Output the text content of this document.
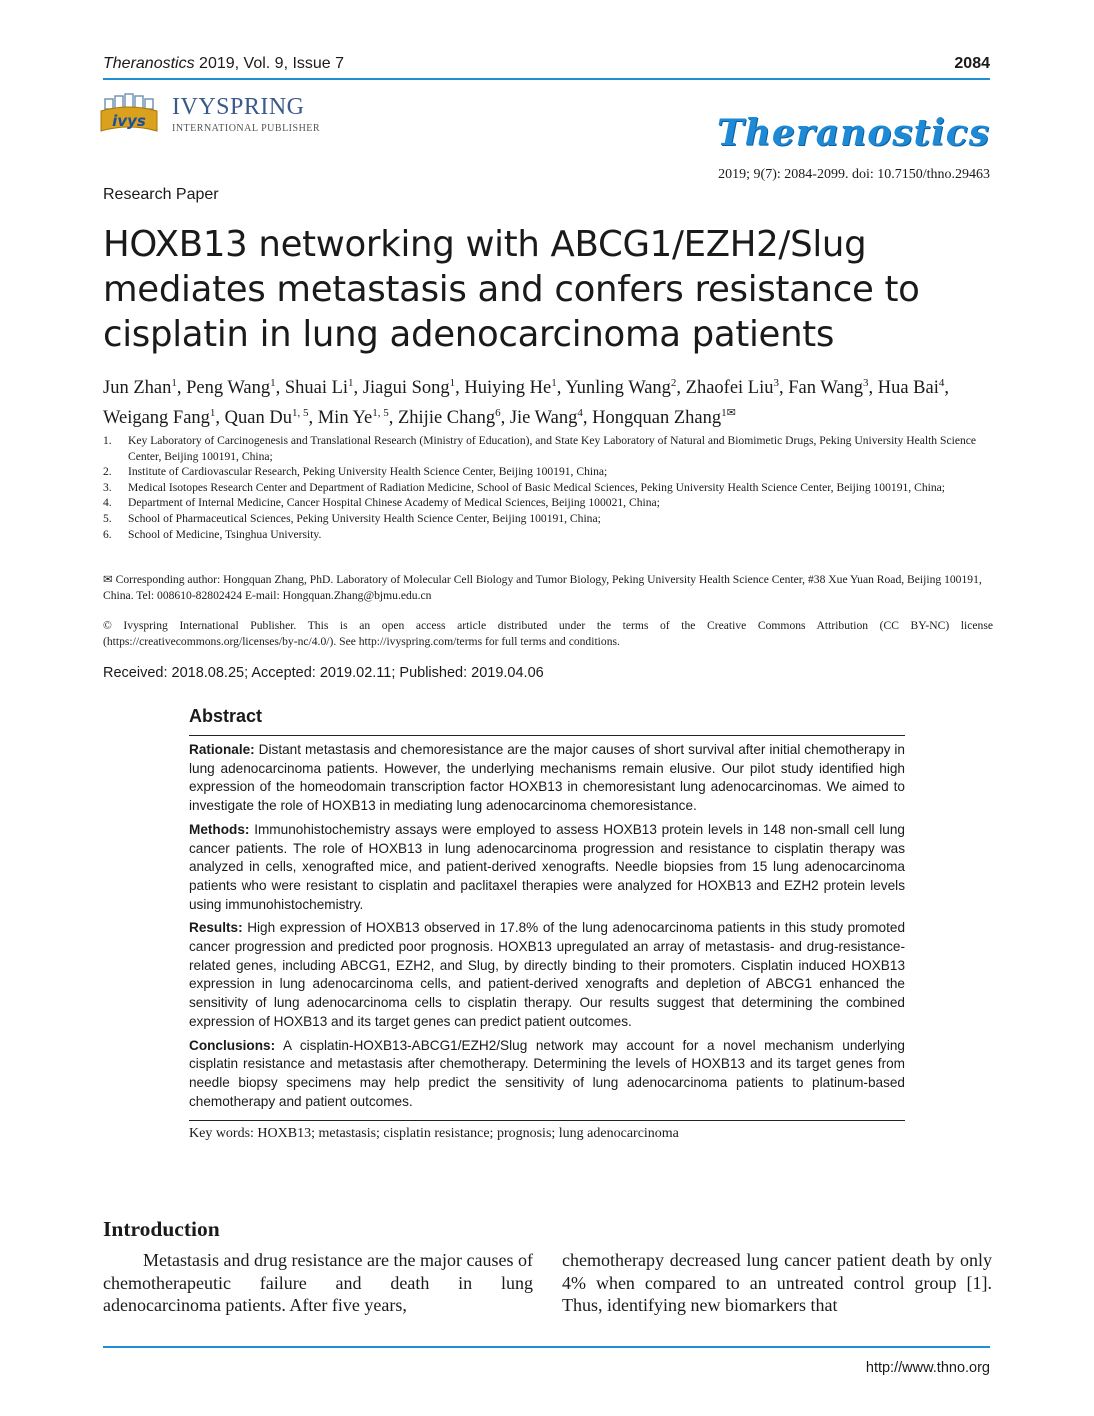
Theranostics 2019, Vol. 9, Issue 7	2084
ivys
IVYSPRING
INTERNATIONAL PUBLISHER	Theranostics
2019; 9(7): 2084-2099. doi: 10.7150/thno.29463
Research Paper
HOXB13 networking with ABCG1/EZH2/Slug mediates metastasis and confers resistance to cisplatin in lung adenocarcinoma patients
Jun Zhan$^1$, Peng Wang$^1$, Shuai Li$^1$, Jiagui Song$^1$, Huiying He$^1$, Yunling Wang$^2$, Zhaofei Liu$^3$, Fan Wang$^3$, Hua Bai$^4$, Weigang Fang$^1$, Quan Du$^{1, 5}$, Min Ye$^{1, 5}$, Zhijie Chang$^6$, Jie Wang$^4$, Hongquan Zhang$^{1✉}$
1. Key Laboratory of Carcinogenesis and Translational Research (Ministry of Education), and State Key Laboratory of Natural and Biomimetic Drugs, Peking University Health Science Center, Beijing 100191, China;
2. Institute of Cardiovascular Research, Peking University Health Science Center, Beijing 100191, China;
3. Medical Isotopes Research Center and Department of Radiation Medicine, School of Basic Medical Sciences, Peking University Health Science Center, Beijing 100191, China;
4. Department of Internal Medicine, Cancer Hospital Chinese Academy of Medical Sciences, Beijing 100021, China;
5. School of Pharmaceutical Sciences, Peking University Health Science Center, Beijing 100191, China;
6. School of Medicine, Tsinghua University.
✉ Corresponding author: Hongquan Zhang, PhD. Laboratory of Molecular Cell Biology and Tumor Biology, Peking University Health Science Center, #38 Xue Yuan Road, Beijing 100191, China. Tel: 008610-82802424 E-mail: Hongquan.Zhang@bjmu.edu.cn
© Ivyspring International Publisher. This is an open access article distributed under the terms of the Creative Commons Attribution (CC BY-NC) license (https://creativecommons.org/licenses/by-nc/4.0/). See http://ivyspring.com/terms for full terms and conditions.
Received: 2018.08.25; Accepted: 2019.02.11; Published: 2019.04.06
Abstract

Rationale: Distant metastasis and chemoresistance are the major causes of short survival after initial chemotherapy in lung adenocarcinoma patients. However, the underlying mechanisms remain elusive. Our pilot study identified high expression of the homeodomain transcription factor HOXB13 in chemoresistant lung adenocarcinomas. We aimed to investigate the role of HOXB13 in mediating lung adenocarcinoma chemoresistance.

Methods: Immunohistochemistry assays were employed to assess HOXB13 protein levels in 148 non-small cell lung cancer patients. The role of HOXB13 in lung adenocarcinoma progression and resistance to cisplatin therapy was analyzed in cells, xenografted mice, and patient-derived xenografts. Needle biopsies from 15 lung adenocarcinoma patients who were resistant to cisplatin and paclitaxel therapies were analyzed for HOXB13 and EZH2 protein levels using immunohistochemistry.

Results: High expression of HOXB13 observed in 17.8% of the lung adenocarcinoma patients in this study promoted cancer progression and predicted poor prognosis. HOXB13 upregulated an array of metastasis- and drug-resistance-related genes, including ABCG1, EZH2, and Slug, by directly binding to their promoters. Cisplatin induced HOXB13 expression in lung adenocarcinoma cells, and patient-derived xenografts and depletion of ABCG1 enhanced the sensitivity of lung adenocarcinoma cells to cisplatin therapy. Our results suggest that determining the combined expression of HOXB13 and its target genes can predict patient outcomes.

Conclusions: A cisplatin-HOXB13-ABCG1/EZH2/Slug network may account for a novel mechanism underlying cisplatin resistance and metastasis after chemotherapy. Determining the levels of HOXB13 and its target genes from needle biopsy specimens may help predict the sensitivity of lung adenocarcinoma patients to platinum-based chemotherapy and patient outcomes.

Key words: HOXB13; metastasis; cisplatin resistance; prognosis; lung adenocarcinoma
Introduction
Metastasis and drug resistance are the major causes of chemotherapeutic failure and death in lung adenocarcinoma patients. After five years,
chemotherapy decreased lung cancer patient death by only 4% when compared to an untreated control group [1]. Thus, identifying new biomarkers that
http://www.thno.org
